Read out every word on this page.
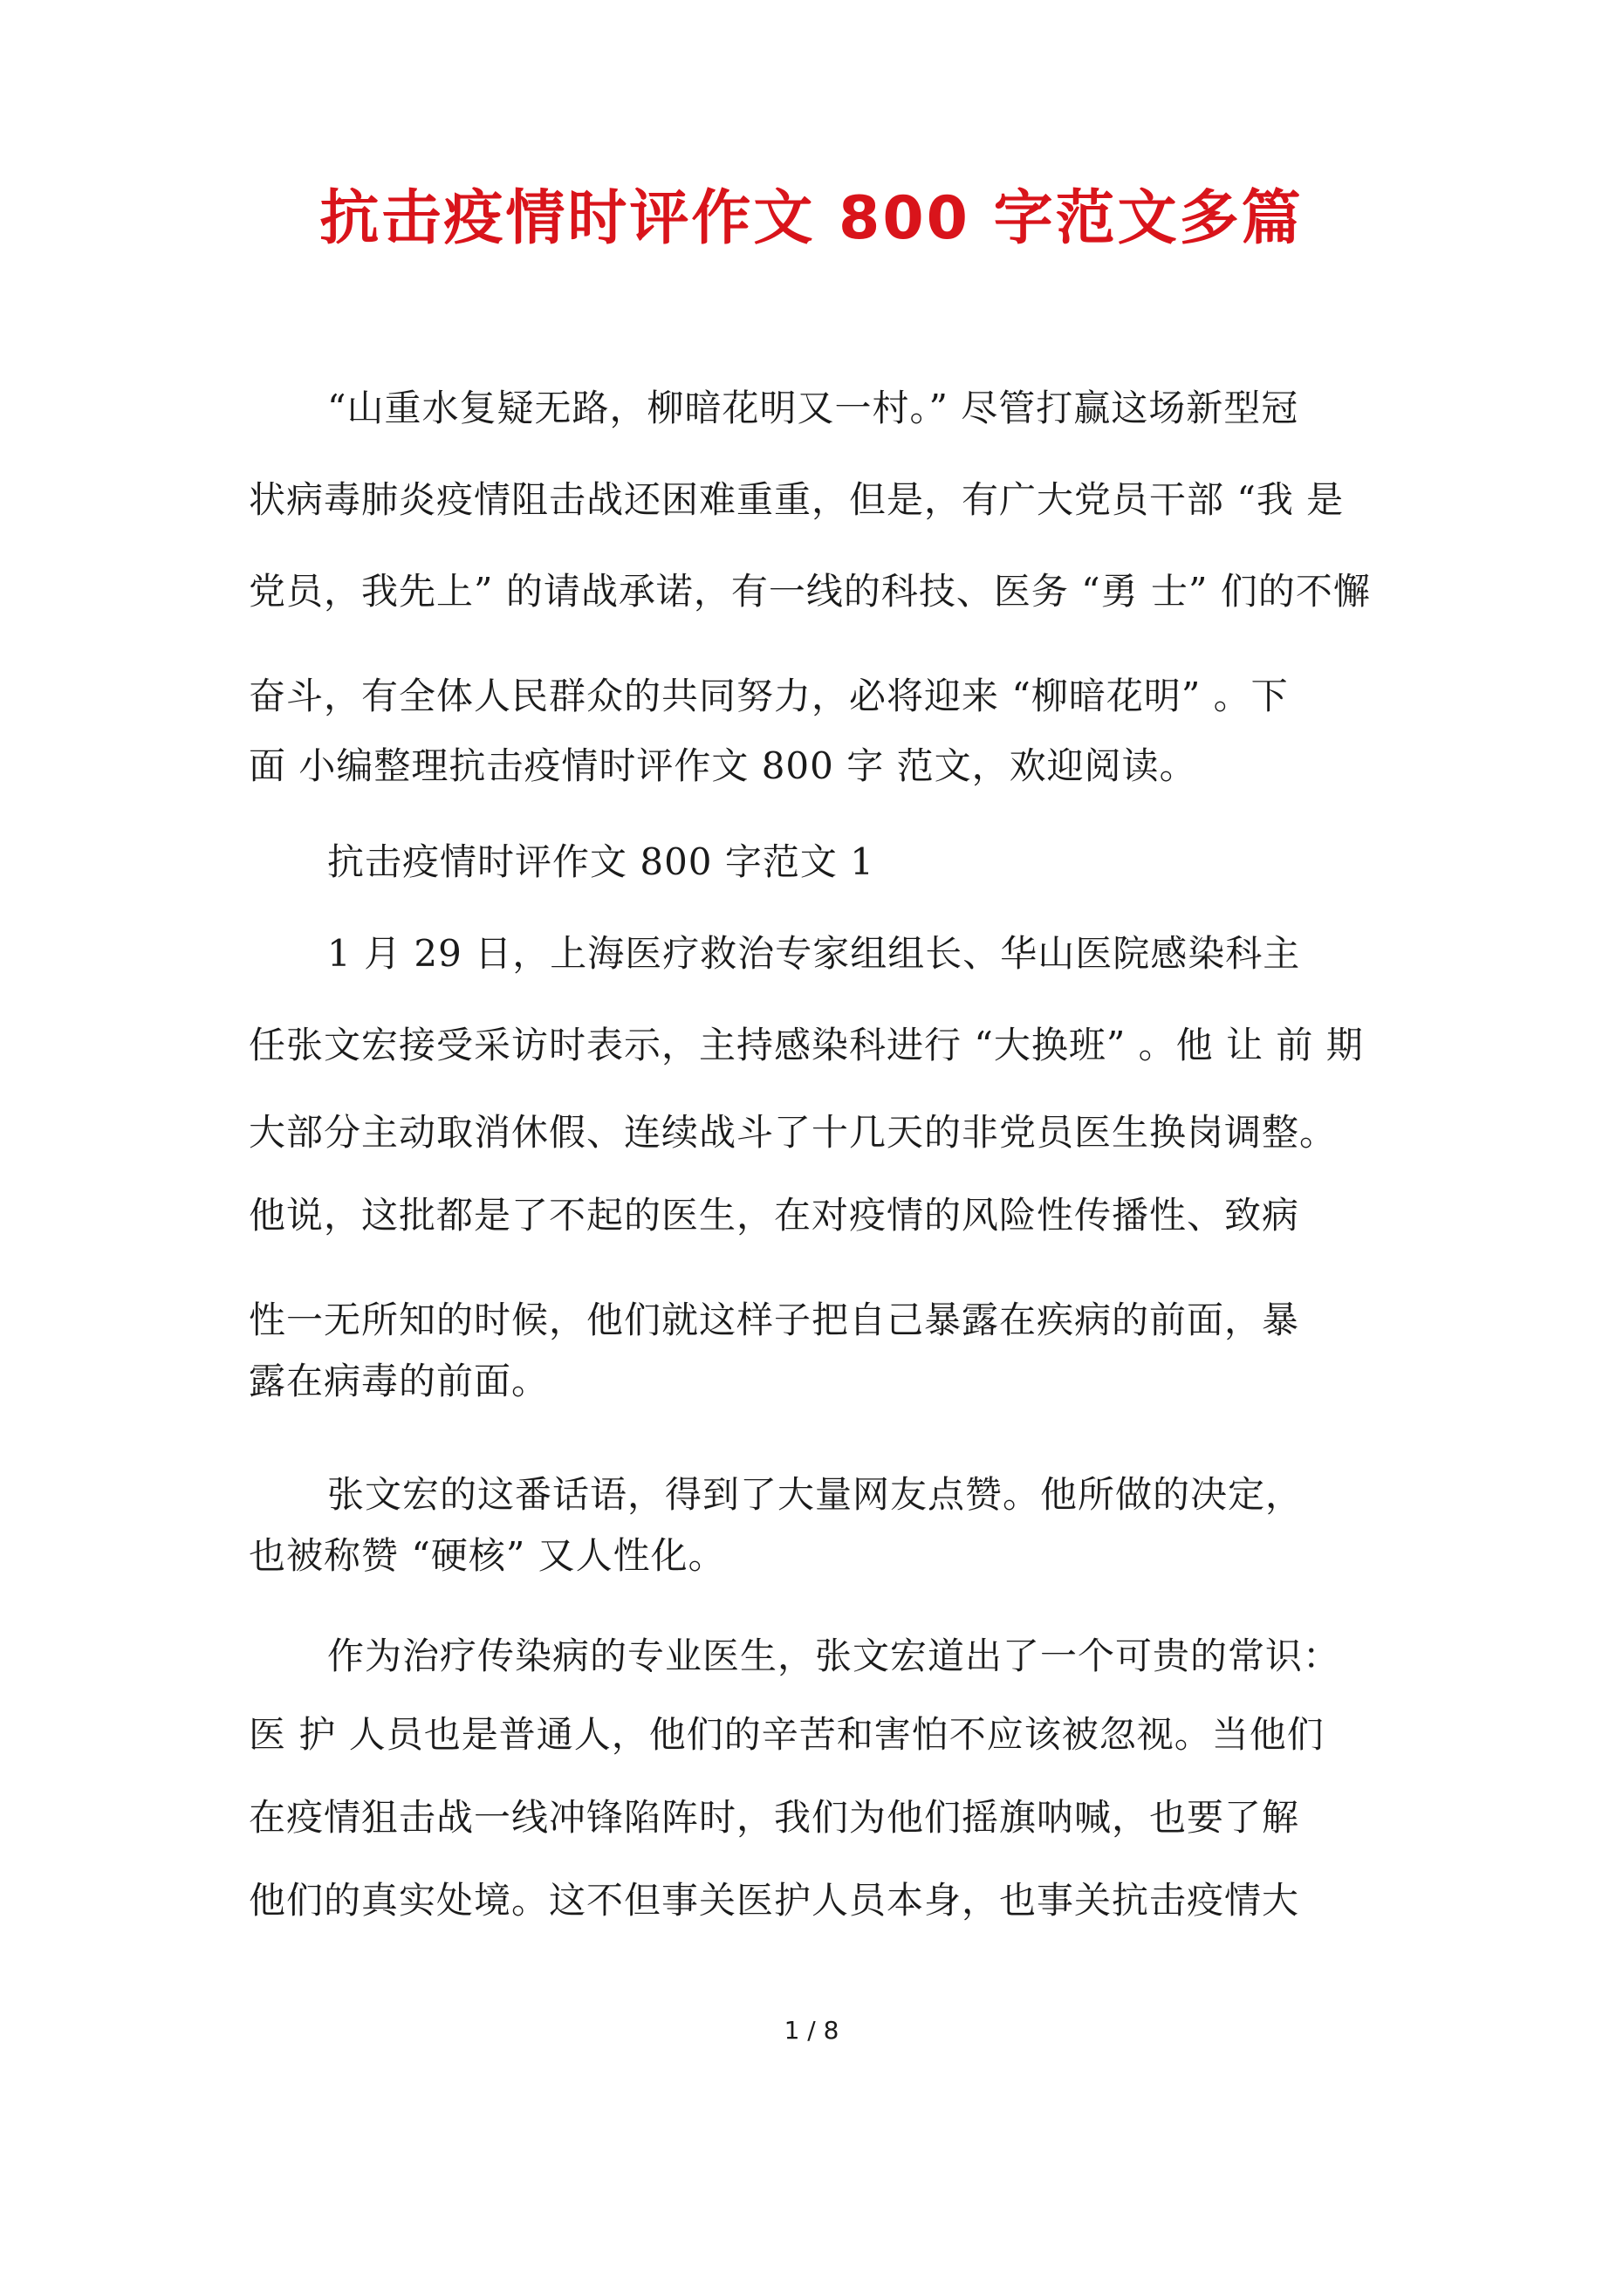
抗击疫情时评作文 800 字范文多篇
“山重水复疑无路，柳暗花明又一村。” 尽管打赢这场新型冠
状病毒肺炎疫情阻击战还困难重重，但是，有广大党员干部 “我 是
党员，我先上” 的请战承诺，有一线的科技、医务 “勇 士” 们的不懈
奋斗，有全体人民群众的共同努力，必将迎来 “柳暗花明” 。下
面 小编整理抗击疫情时评作文 800 字 范文，欢迎阅读。
抗击疫情时评作文 800 字范文 1
1 月 29 日，上海医疗救治专家组组长、华山医院感染科主
任张文宏接受采访时表示，主持感染科进行 “大换班” 。他 让 前 期
大部分主动取消休假、连续战斗了十几天的非党员医生换岗调整。
他说，这批都是了不起的医生，在对疫情的风险性传播性、致病
性一无所知的时候，他们就这样子把自己暴露在疾病的前面，暴
露在病毒的前面。
张文宏的这番话语，得到了大量网友点赞。他所做的决定，
也被称赞 “硬核” 又人性化。
作为治疗传染病的专业医生，张文宏道出了一个可贵的常识：
医 护 人员也是普通人，他们的辛苦和害怕不应该被忽视。当他们
在疫情狙击战一线冲锋陷阵时，我们为他们摇旗呐喊，也要了解
他们的真实处境。这不但事关医护人员本身，也事关抗击疫情大
1 / 8
